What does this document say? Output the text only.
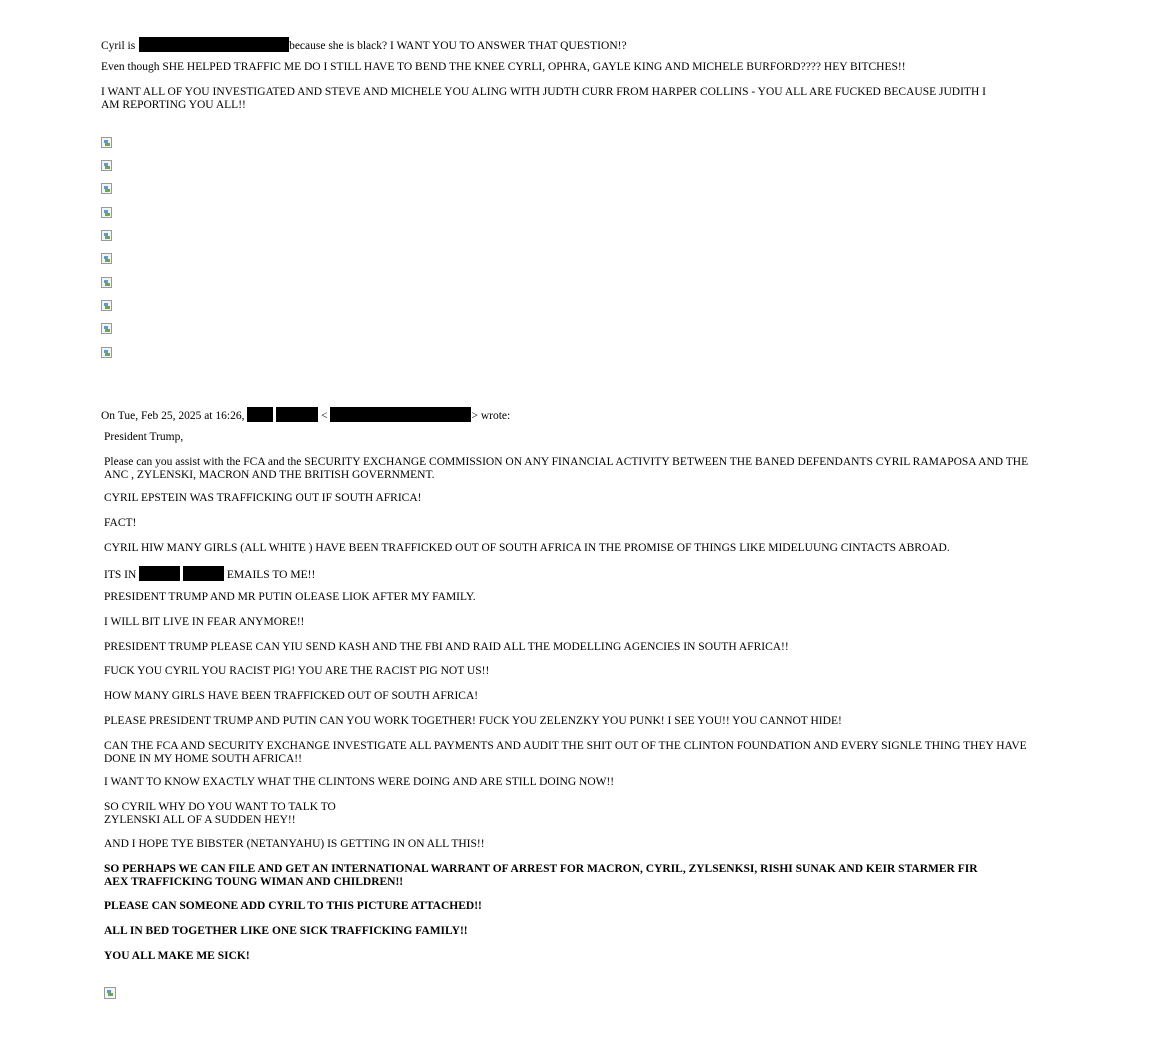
Cyril is	because she is black? I WANT YOU TO ANSWER THAT QUESTION!?
Even though SHE HELPED TRAFFIC ME DO I STILL HAVE TO BEND THE KNEE CYRLI, OPHRA, GAYLE KING AND MICHELE BURFORD???? HEY BITCHES!!
I WANT ALL OF YOU INVESTIGATED AND STEVE AND MICHELE YOU ALING WITH JUDTH CURR FROM HARPER COLLINS - YOU ALL ARE FUCKED BECAUSE JUDITH I AM REPORTING YOU ALL!!
On Tue, Feb 25, 2025 at 16:26,	<	> wrote:
President Trump,
Please can you assist with the FCA and the SECURITY EXCHANGE COMMISSION ON ANY FINANCIAL ACTIVITY BETWEEN THE BANED DEFENDANTS CYRIL RAMAPOSA AND THE ANC , ZYLENSKI, MACRON AND THE BRITISH GOVERNMENT.
CYRIL EPSTEIN WAS TRAFFICKING OUT IF SOUTH AFRICA!
FACT!
CYRIL HIW MANY GIRLS (ALL WHITE ) HAVE BEEN TRAFFICKED OUT OF SOUTH AFRICA IN THE PROMISE OF THINGS LIKE MIDELUUNG CINTACTS ABROAD.
ITS IN	EMAILS TO ME!!
PRESIDENT TRUMP AND MR PUTIN OLEASE LIOK AFTER MY FAMILY.
I WILL BIT LIVE IN FEAR ANYMORE!!
PRESIDENT TRUMP PLEASE CAN YIU SEND KASH AND THE FBI AND RAID ALL THE MODELLING AGENCIES IN SOUTH AFRICA!!
FUCK YOU CYRIL YOU RACIST PIG! YOU ARE THE RACIST PIG NOT US!!
HOW MANY GIRLS HAVE BEEN TRAFFICKED OUT OF SOUTH AFRICA!
PLEASE PRESIDENT TRUMP AND PUTIN CAN YOU WORK TOGETHER! FUCK YOU ZELENZKY YOU PUNK! I SEE YOU!! YOU CANNOT HIDE!
CAN THE FCA AND SECURITY EXCHANGE INVESTIGATE ALL PAYMENTS AND AUDIT THE SHIT OUT OF THE CLINTON FOUNDATION AND EVERY SIGNLE THING THEY HAVE DONE IN MY HOME SOUTH AFRICA!!
I WANT TO KNOW EXACTLY WHAT THE CLINTONS WERE DOING AND ARE STILL DOING NOW!!
SO CYRIL WHY DO YOU WANT TO TALK TO
ZYLENSKI ALL OF A SUDDEN HEY!!
AND I HOPE TYE BIBSTER (NETANYAHU) IS GETTING IN ON ALL THIS!!
SO PERHAPS WE CAN FILE AND GET AN INTERNATIONAL WARRANT OF ARREST FOR MACRON, CYRIL, ZYLSENKSI, RISHI SUNAK AND KEIR STARMER FIR AEX TRAFFICKING TOUNG WIMAN AND CHILDREN!!
PLEASE CAN SOMEONE ADD CYRIL TO THIS PICTURE ATTACHED!!
ALL IN BED TOGETHER LIKE ONE SICK TRAFFICKING FAMILY!!
YOU ALL MAKE ME SICK!
